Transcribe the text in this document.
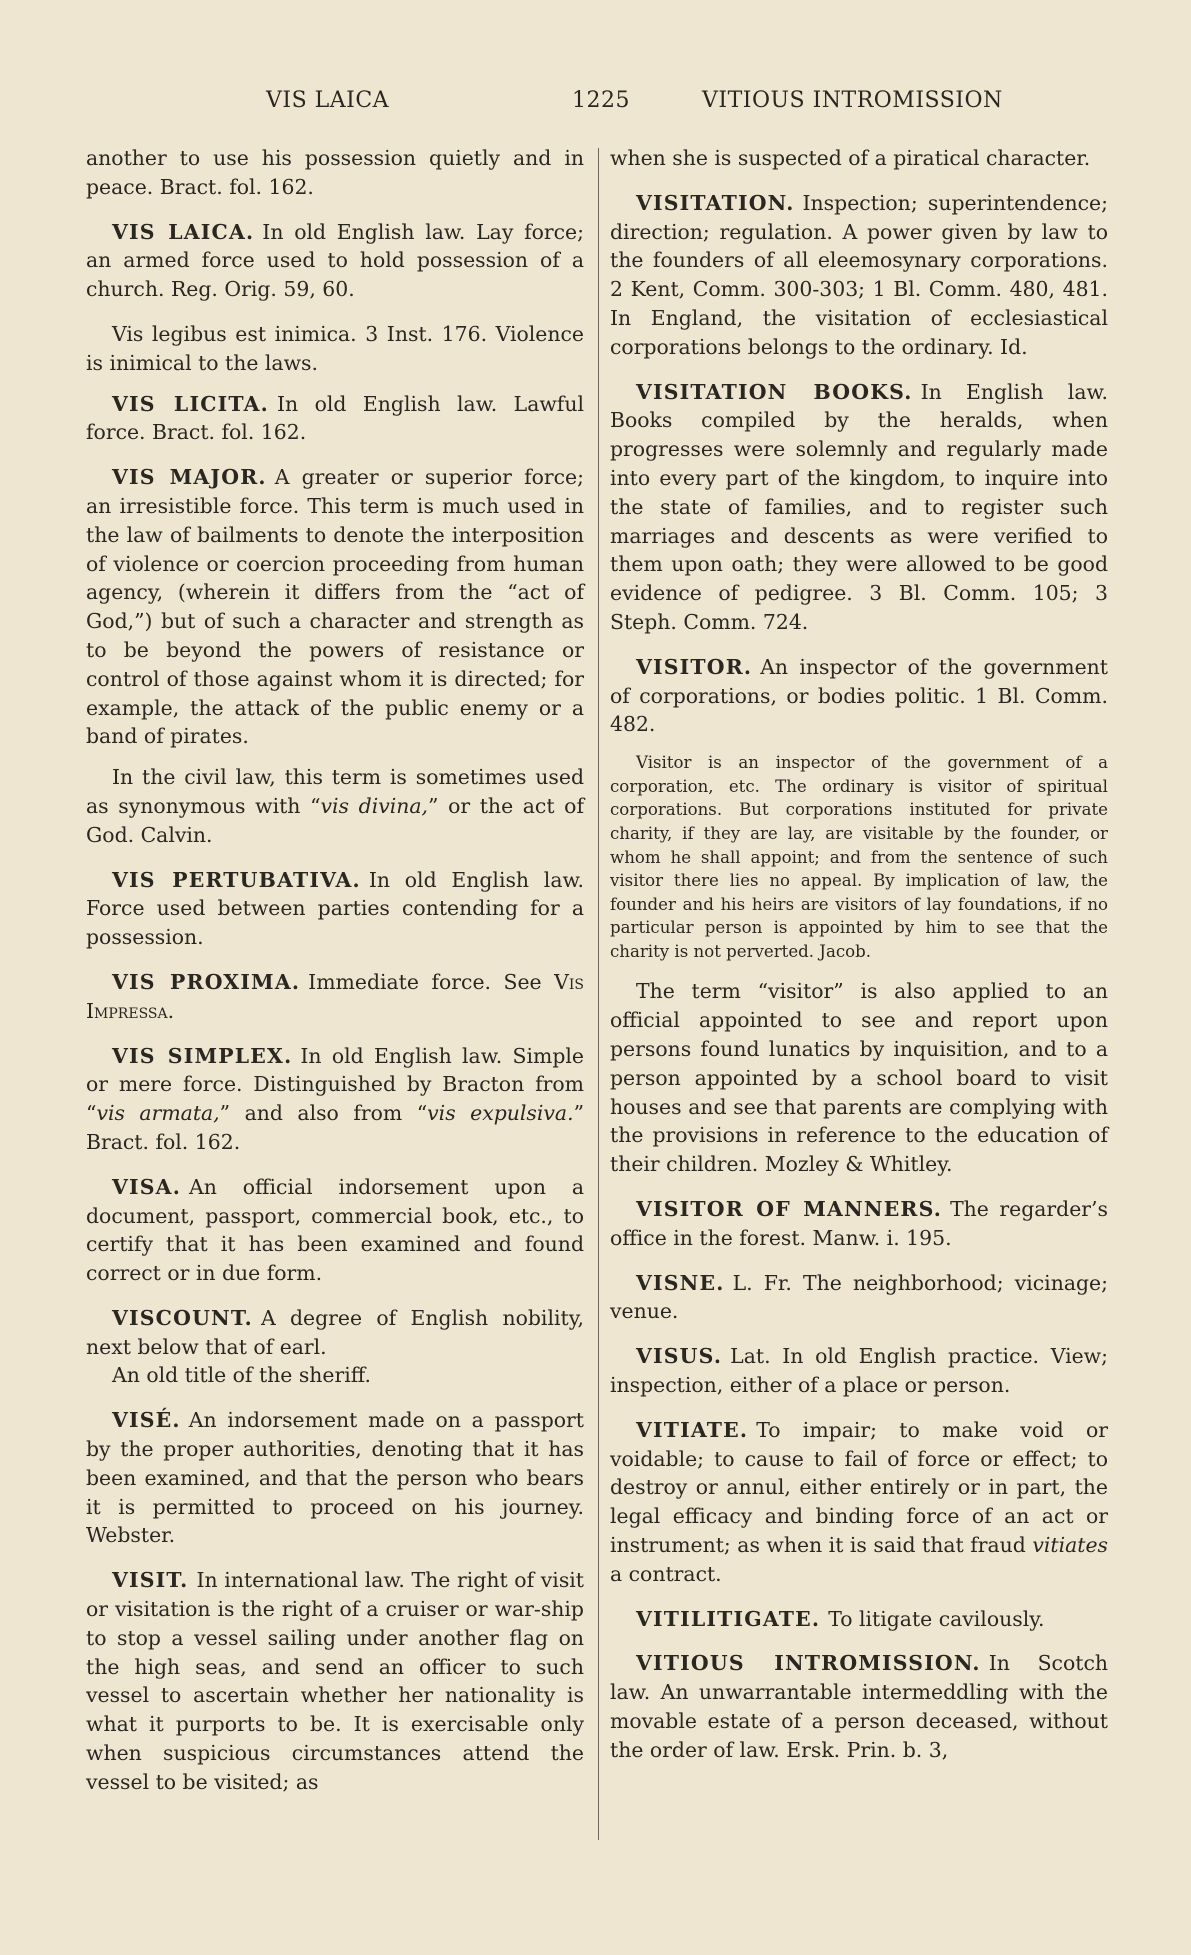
VIS LAICA	1225	VITIOUS INTROMISSION

another to use his possession quietly and in peace. Bract. fol. 162.

VIS LAICA. In old English law. Lay force; an armed force used to hold possession of a church. Reg. Orig. 59, 60.

Vis legibus est inimica. 3 Inst. 176. Violence is inimical to the laws.

VIS LICITA. In old English law. Lawful force. Bract. fol. 162.

VIS MAJOR. A greater or superior force; an irresistible force. This term is much used in the law of bailments to denote the interposition of violence or coercion proceeding from human agency, (wherein it differs from the “act of God,”) but of such a character and strength as to be beyond the powers of resistance or control of those against whom it is directed; for example, the attack of the public enemy or a band of pirates.

In the civil law, this term is sometimes used as synonymous with “vis divina,” or the act of God. Calvin.

VIS PERTUBATIVA. In old English law. Force used between parties contending for a possession.

VIS PROXIMA. Immediate force. See Vis Impressa.

VIS SIMPLEX. In old English law. Simple or mere force. Distinguished by Bracton from “vis armata,” and also from “vis expulsiva.” Bract. fol. 162.

VISA. An official indorsement upon a document, passport, commercial book, etc., to certify that it has been examined and found correct or in due form.

VISCOUNT. A degree of English nobility, next below that of earl.

An old title of the sheriff.

VISÉ. An indorsement made on a passport by the proper authorities, denoting that it has been examined, and that the person who bears it is permitted to proceed on his journey. Webster.

VISIT. In international law. The right of visit or visitation is the right of a cruiser or war-ship to stop a vessel sailing under another flag on the high seas, and send an officer to such vessel to ascertain whether her nationality is what it purports to be. It is exercisable only when suspicious circumstances attend the vessel to be visited; as

when she is suspected of a piratical character.

VISITATION. Inspection; superintendence; direction; regulation. A power given by law to the founders of all eleemosynary corporations. 2 Kent, Comm. 300-303; 1 Bl. Comm. 480, 481. In England, the visitation of ecclesiastical corporations belongs to the ordinary. Id.

VISITATION BOOKS. In English law. Books compiled by the heralds, when progresses were solemnly and regularly made into every part of the kingdom, to inquire into the state of families, and to register such marriages and descents as were verified to them upon oath; they were allowed to be good evidence of pedigree. 3 Bl. Comm. 105; 3 Steph. Comm. 724.

VISITOR. An inspector of the government of corporations, or bodies politic. 1 Bl. Comm. 482.

Visitor is an inspector of the government of a corporation, etc. The ordinary is visitor of spiritual corporations. But corporations instituted for private charity, if they are lay, are visitable by the founder, or whom he shall appoint; and from the sentence of such visitor there lies no appeal. By implication of law, the founder and his heirs are visitors of lay foundations, if no particular person is appointed by him to see that the charity is not perverted. Jacob.

The term “visitor” is also applied to an official appointed to see and report upon persons found lunatics by inquisition, and to a person appointed by a school board to visit houses and see that parents are complying with the provisions in reference to the education of their children. Mozley & Whitley.

VISITOR OF MANNERS. The regarder’s office in the forest. Manw. i. 195.

VISNE. L. Fr. The neighborhood; vicinage; venue.

VISUS. Lat. In old English practice. View; inspection, either of a place or person.

VITIATE. To impair; to make void or voidable; to cause to fail of force or effect; to destroy or annul, either entirely or in part, the legal efficacy and binding force of an act or instrument; as when it is said that fraud vitiates a contract.

VITILITIGATE. To litigate cavilously.

VITIOUS INTROMISSION. In Scotch law. An unwarrantable intermeddling with the movable estate of a person deceased, without the order of law. Ersk. Prin. b. 3,
